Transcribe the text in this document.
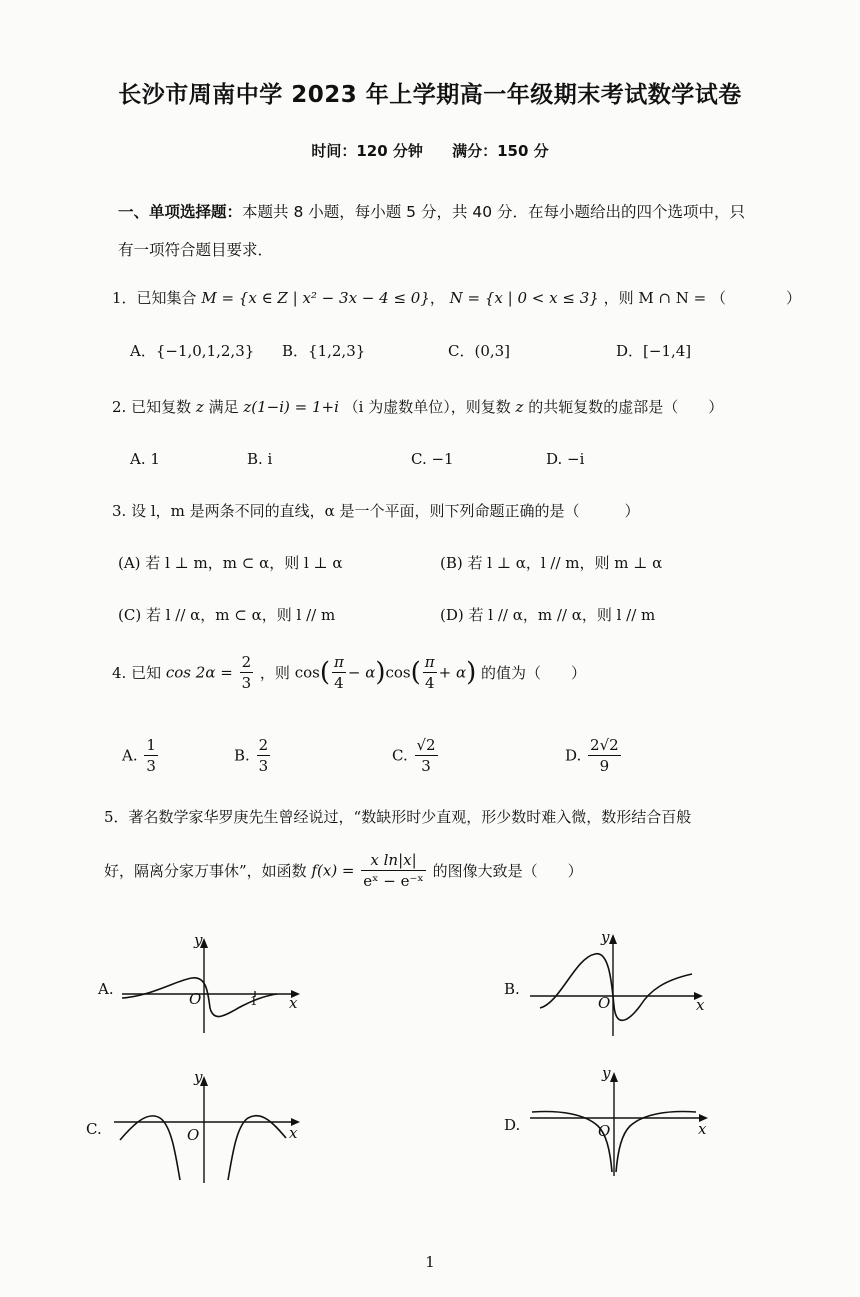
长沙市周南中学 2023 年上学期高一年级期末考试数学试卷
时间：120 分钟 满分：150 分
一、单项选择题：本题共 8 小题，每小题 5 分，共 40 分．在每小题给出的四个选项中，只
有一项符合题目要求．
1．已知集合 M = {x ∈ Z | x² − 3x − 4 ≤ 0}， N = {x | 0 < x ≤ 3} ，则 M ∩ N = （　　　　）
A．{−1,0,1,2,3} B．{1,2,3}	C．(0,3]	D．[−1,4]
2. 已知复数 z 满足 z(1−i) = 1+i （i 为虚数单位），则复数 z 的共轭复数的虚部是（　　）
A. 1	B. i	C. −1	D. −i
3. 设 l，m 是两条不同的直线，α 是一个平面，则下列命题正确的是（　　　）
(A) 若 l ⊥ m，m ⊂ α，则 l ⊥ α	(B) 若 l ⊥ α，l // m，则 m ⊥ α
(C) 若 l // α，m ⊂ α，则 l // m	(D) 若 l // α，m // α，则 l // m
4. 已知 $\cos 2\alpha = \frac{2}{3}$ ，则 $\cos( \frac{\pi}{4} - \alpha)\cos( \frac{\pi}{4} + \alpha)$ 的值为（　　）
A. $\frac{1}{3}$	B. $\frac{2}{3}$	C. $\frac{√2}{3}$	D. $\frac{2√2}{9}$
5．著名数学家华罗庚先生曾经说过，“数缺形时少直观，形少数时难入微，数形结合百般
好，隔离分家万事休”，如函数 $f(x) = \frac{\text{x ln|x|}}{\text{eˣ − e⁻ˣ}}$ 的图像大致是（　　）
A.
y
x
O	1
B.
y
x
O
C.
y
x
O
D.
y
x
O
1
